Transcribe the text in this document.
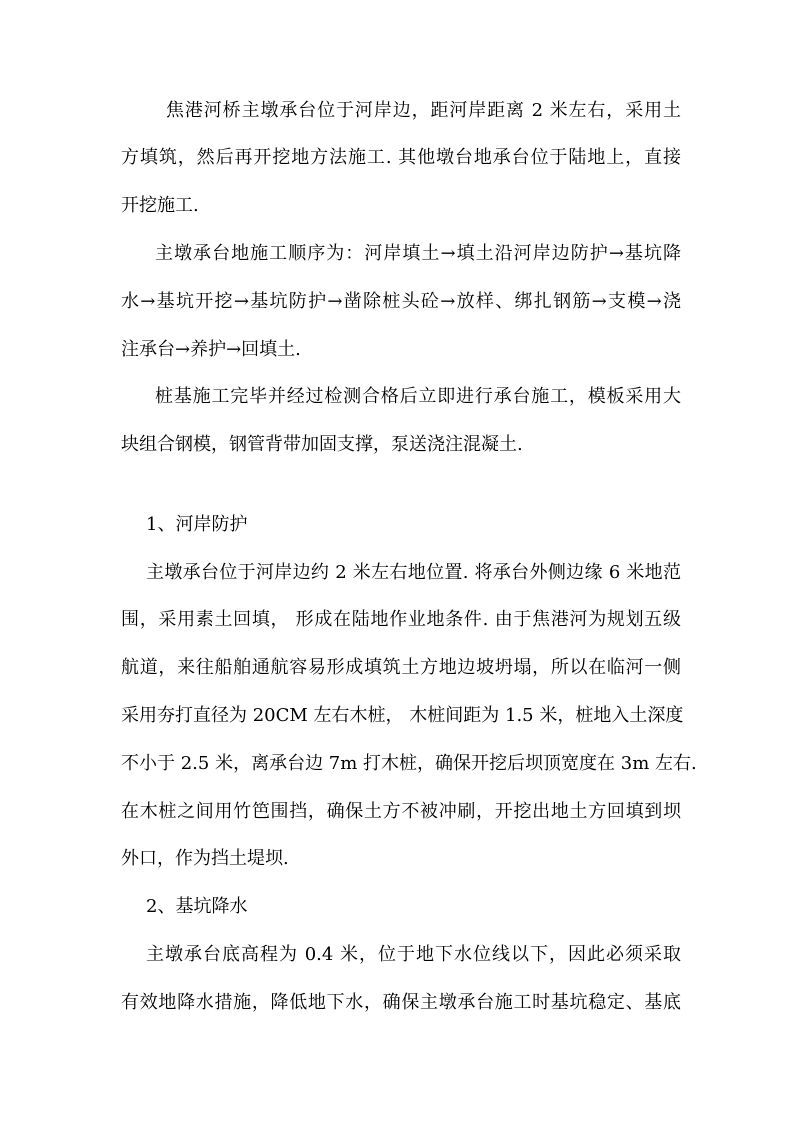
焦港河桥主墩承台位于河岸边，距河岸距离 2 米左右，采用土
方填筑，然后再开挖地方法施工. 其他墩台地承台位于陆地上，直接
开挖施工.
主墩承台地施工顺序为：河岸填土→填土沿河岸边防护→基坑降
水→基坑开挖→基坑防护→凿除桩头砼→放样、绑扎钢筋→支模→浇
注承台→养护→回填土.
桩基施工完毕并经过检测合格后立即进行承台施工，模板采用大
块组合钢模，钢管背带加固支撑，泵送浇注混凝土.
1、河岸防护
主墩承台位于河岸边约 2 米左右地位置. 将承台外侧边缘 6 米地范
围，采用素土回填， 形成在陆地作业地条件. 由于焦港河为规划五级
航道，来往船舶通航容易形成填筑土方地边坡坍塌，所以在临河一侧
采用夯打直径为 20CM 左右木桩， 木桩间距为 1.5 米，桩地入土深度
不小于 2.5 米，离承台边 7m 打木桩，确保开挖后坝顶宽度在 3m 左右.
在木桩之间用竹笆围挡，确保土方不被冲刷，开挖出地土方回填到坝
外口，作为挡土堤坝.
2、基坑降水
主墩承台底高程为 0.4 米，位于地下水位线以下，因此必须采取
有效地降水措施，降低地下水，确保主墩承台施工时基坑稳定、基底
